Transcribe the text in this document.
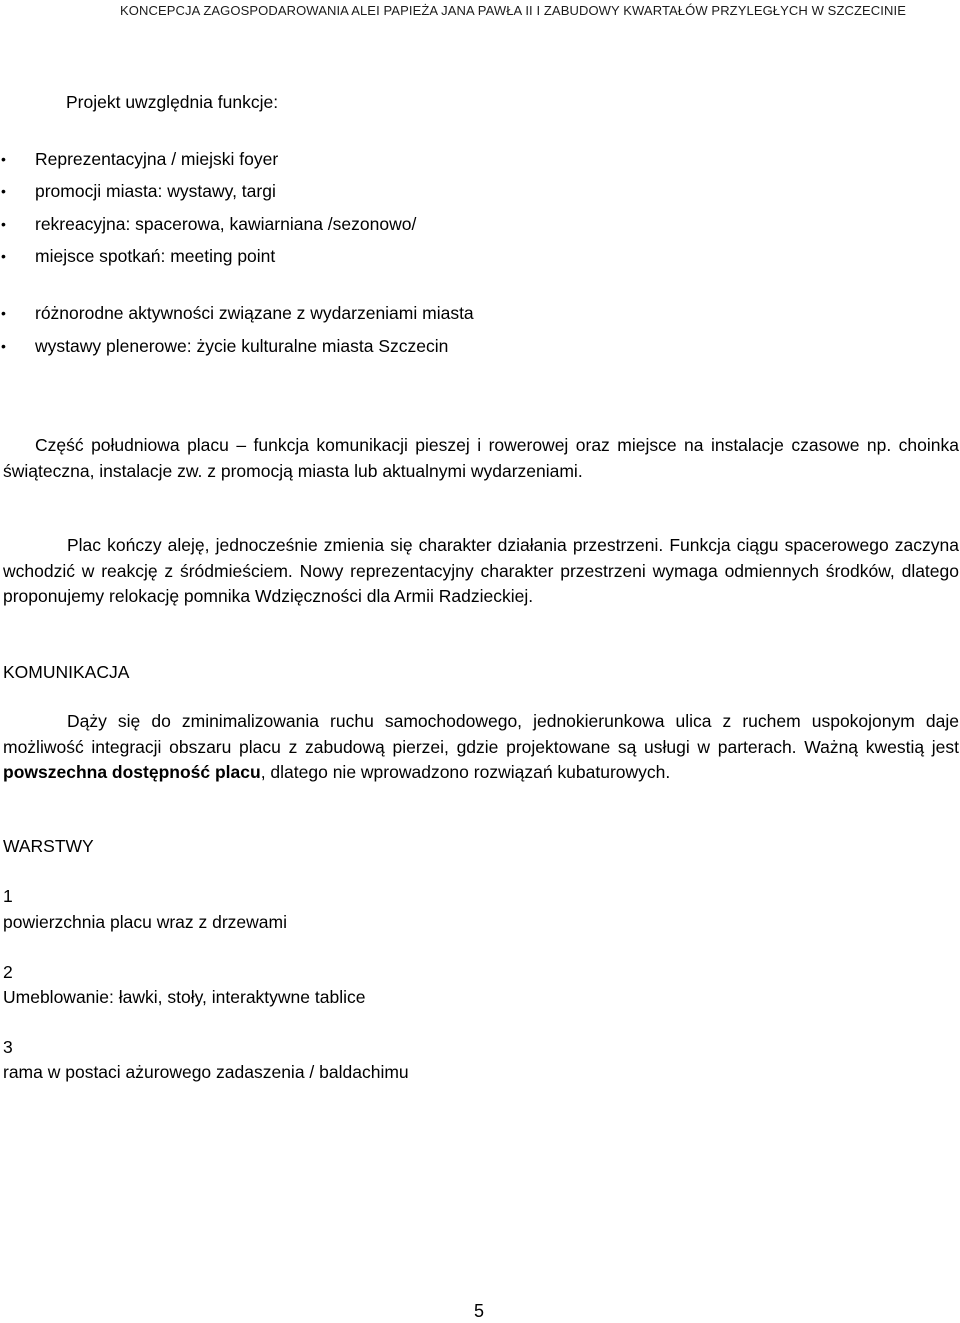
KONCEPCJA ZAGOSPODAROWANIA ALEI PAPIEŻA JANA PAWŁA II I ZABUDOWY KWARTAŁÓW PRZYLEGŁYCH W SZCZECINIE
Projekt uwzględnia funkcje:
• Reprezentacyjna / miejski foyer
• promocji miasta: wystawy, targi
• rekreacyjna: spacerowa, kawiarniana /sezonowo/
• miejsce spotkań: meeting point
• różnorodne aktywności związane z wydarzeniami miasta
• wystawy plenerowe: życie kulturalne miasta Szczecin

Część południowa placu – funkcja komunikacji pieszej i rowerowej oraz miejsce na instalacje czasowe np. choinka świąteczna, instalacje zw. z promocją miasta lub aktualnymi wydarzeniami.

Plac kończy aleję, jednocześnie zmienia się charakter działania przestrzeni. Funkcja ciągu spacerowego zaczyna wchodzić w reakcję z śródmieściem. Nowy reprezentacyjny charakter przestrzeni wymaga odmiennych środków, dlatego proponujemy relokację pomnika Wdzięczności dla Armii Radzieckiej.

KOMUNIKACJA

Dąży się do zminimalizowania ruchu samochodowego, jednokierunkowa ulica z ruchem uspokojonym daje możliwość integracji obszaru placu z zabudową pierzei, gdzie projektowane są usługi w parterach. Ważną kwestią jest powszechna dostępność placu, dlatego nie wprowadzono rozwiązań kubaturowych.

WARSTWY
1
powierzchnia placu wraz z drzewami
2
Umeblowanie: ławki, stoły, interaktywne tablice
3
rama w postaci ażurowego zadaszenia / baldachimu
5
